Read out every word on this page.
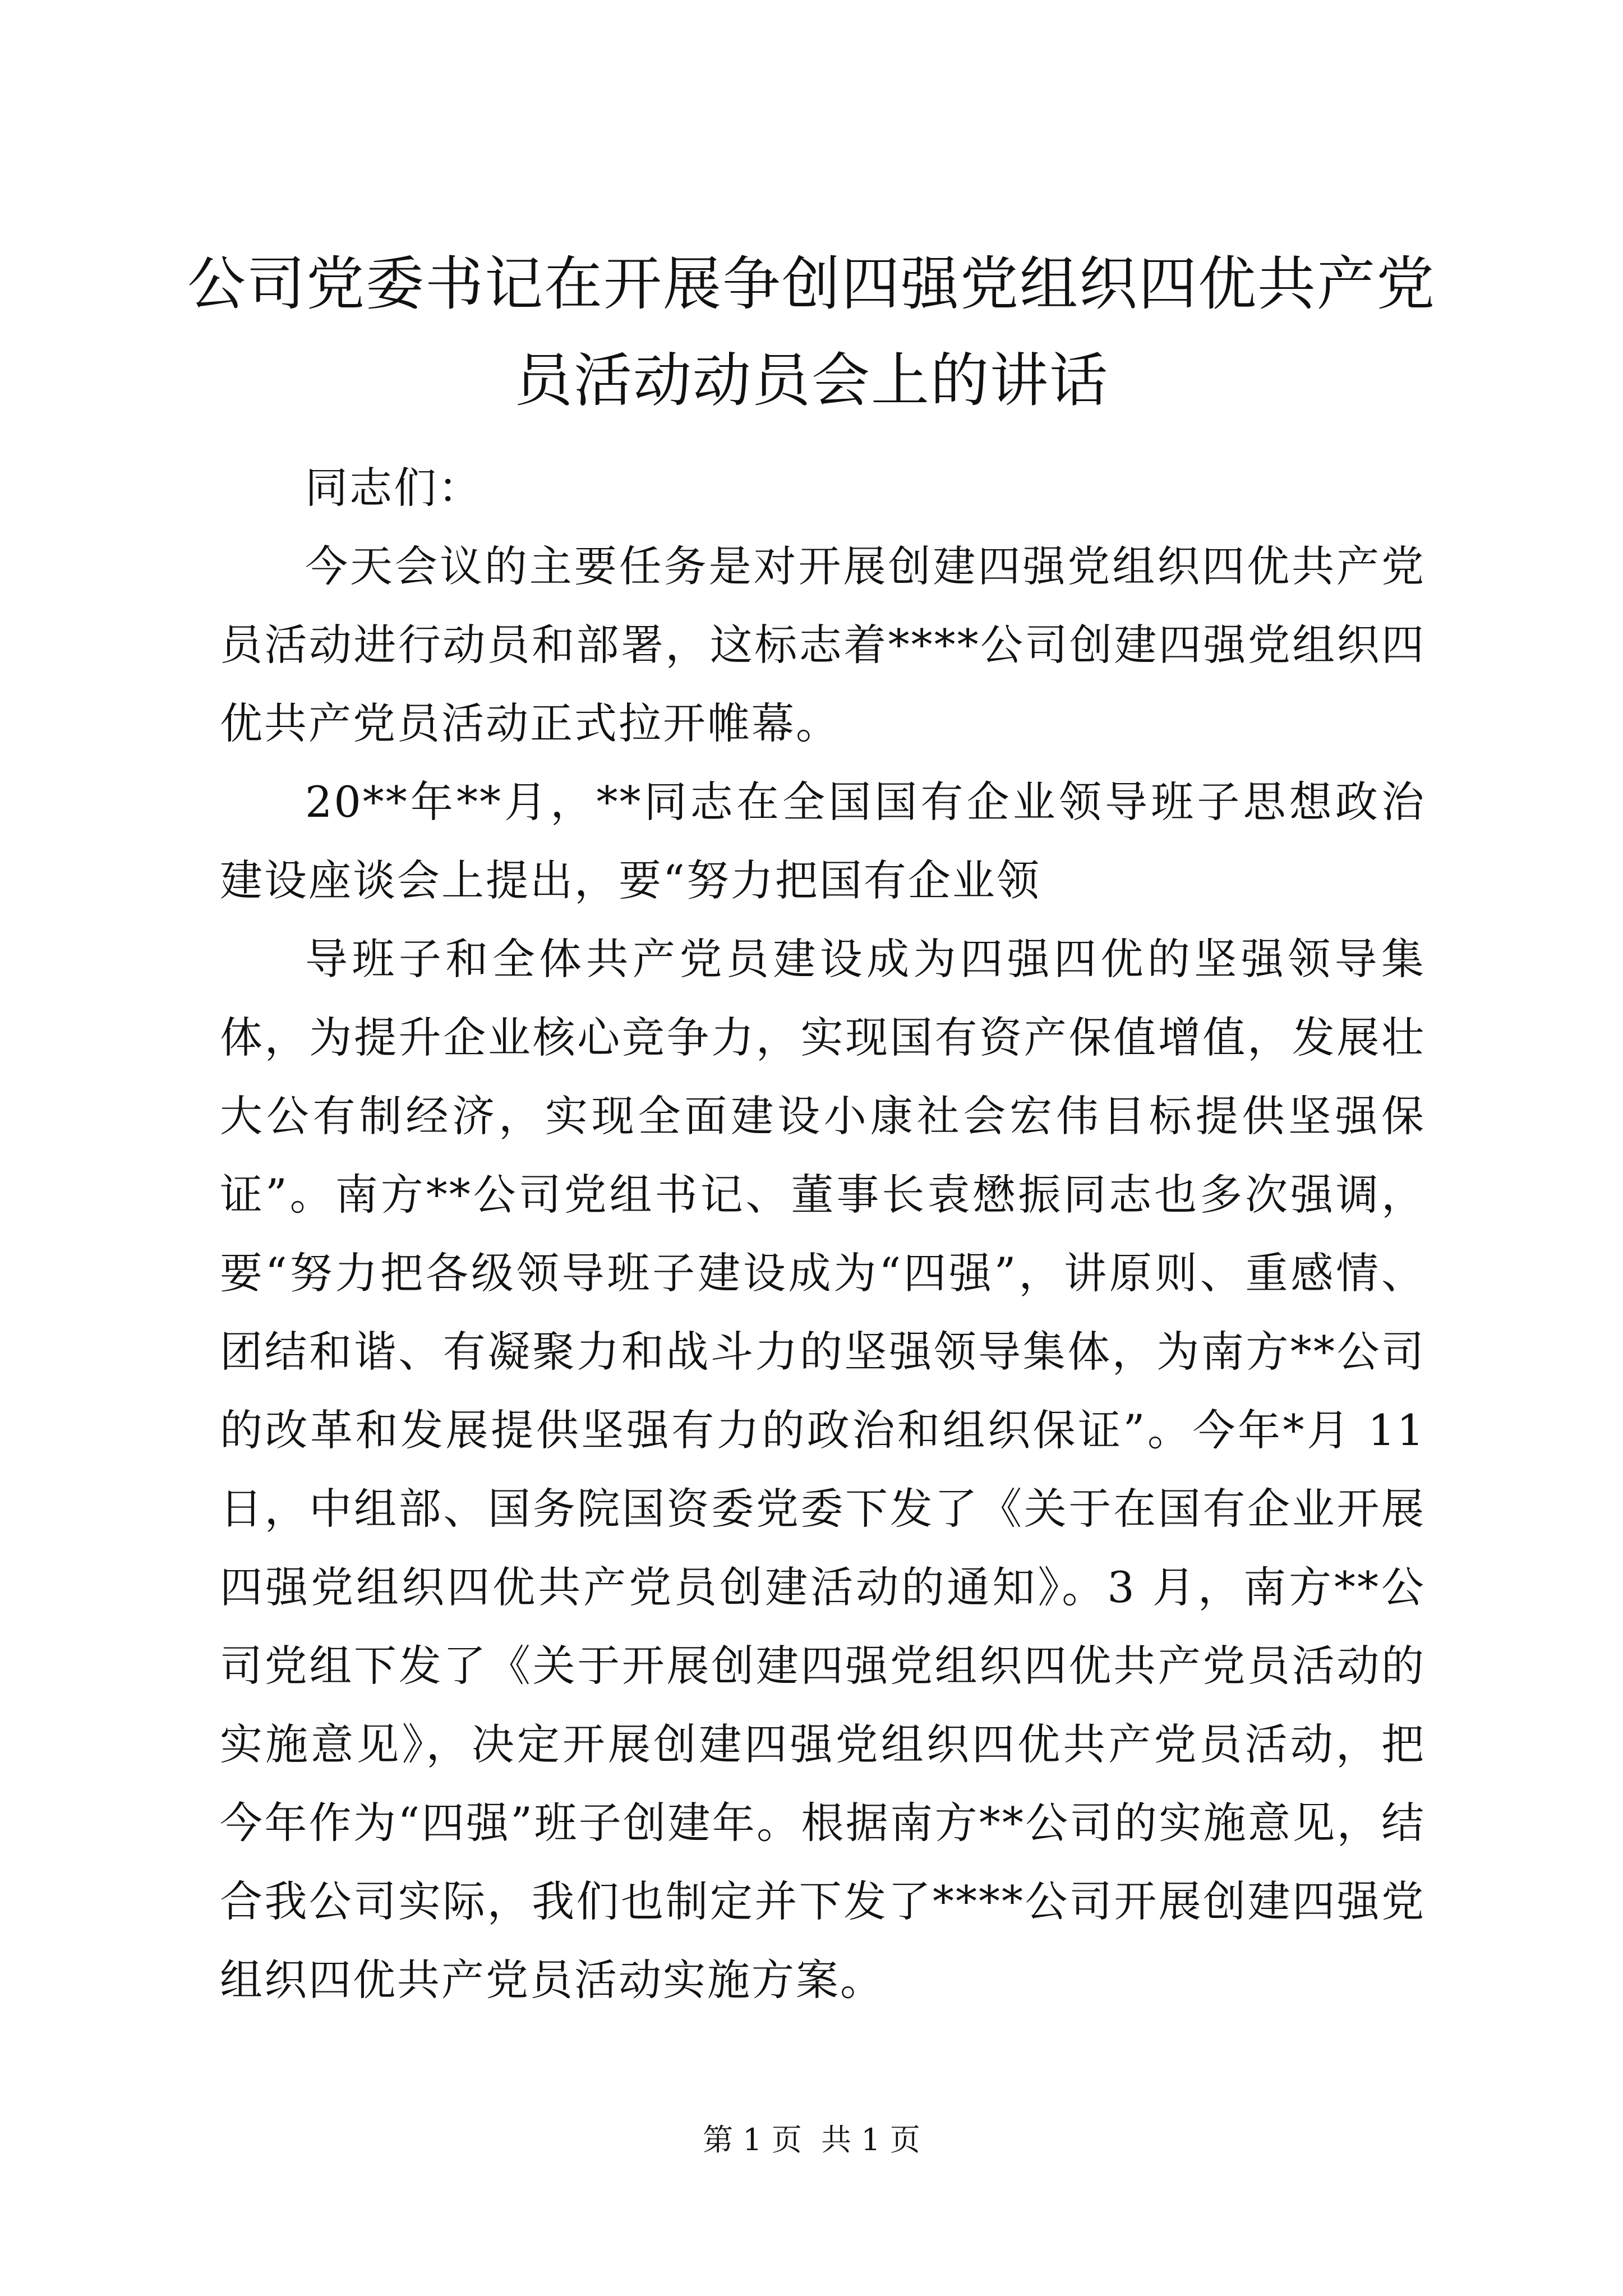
公司党委书记在开展争创四强党组织四优共产党员活动动员会上的讲话

同志们：

今天会议的主要任务是对开展创建四强党组织四优共产党员活动进行动员和部署，这标志着****公司创建四强党组织四优共产党员活动正式拉开帷幕。

20**年**月，**同志在全国国有企业领导班子思想政治建设座谈会上提出，要“努力把国有企业领

导班子和全体共产党员建设成为四强四优的坚强领导集体，为提升企业核心竞争力，实现国有资产保值增值，发展壮大公有制经济，实现全面建设小康社会宏伟目标提供坚强保证”。南方**公司党组书记、董事长袁懋振同志也多次强调，要“努力把各级领导班子建设成为“四强”，讲原则、重感情、团结和谐、有凝聚力和战斗力的坚强领导集体，为南方**公司的改革和发展提供坚强有力的政治和组织保证”。今年*月 11 日，中组部、国务院国资委党委下发了《关于在国有企业开展四强党组织四优共产党员创建活动的通知》。3 月，南方**公司党组下发了《关于开展创建四强党组织四优共产党员活动的实施意见》，决定开展创建四强党组织四优共产党员活动，把今年作为“四强”班子创建年。根据南方**公司的实施意见，结合我公司实际，我们也制定并下发了****公司开展创建四强党组织四优共产党员活动实施方案。

第 1 页  共 1 页
